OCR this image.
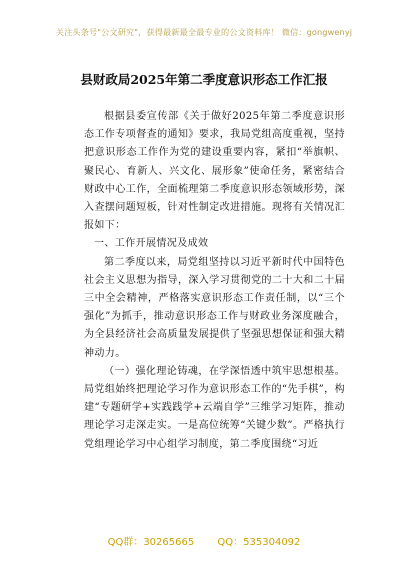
关注头条号"公文研究"，获得最新最全最专业的公文资料库！ 微信：gongwenyj
县财政局2025年第二季度意识形态工作汇报

根据县委宣传部《关于做好2025年第二季度意识形态工作专项督查的通知》要求，我局党组高度重视，坚持把意识形态工作作为党的建设重要内容，紧扣“举旗帜、聚民心、育新人、兴文化、展形象”使命任务，紧密结合财政中心工作，全面梳理第二季度意识形态领域形势，深入查摆问题短板，针对性制定改进措施。现将有关情况汇报如下：

一、工作开展情况及成效

第二季度以来，局党组坚持以习近平新时代中国特色社会主义思想为指导，深入学习贯彻党的二十大和二十届三中全会精神，严格落实意识形态工作责任制，以“三个强化”为抓手，推动意识形态工作与财政业务深度融合，为全县经济社会高质量发展提供了坚强思想保证和强大精神动力。

（一）强化理论铸魂，在学深悟透中筑牢思想根基。局党组始终把理论学习作为意识形态工作的“先手棋”，构建“专题研学+实践践学+云端自学”三维学习矩阵，推动理论学习走深走实。一是高位统筹“关键少数”。严格执行党组理论学习中心组学习制度，第二季度围绕“习近

QQ群：30265665 QQ：535304092
